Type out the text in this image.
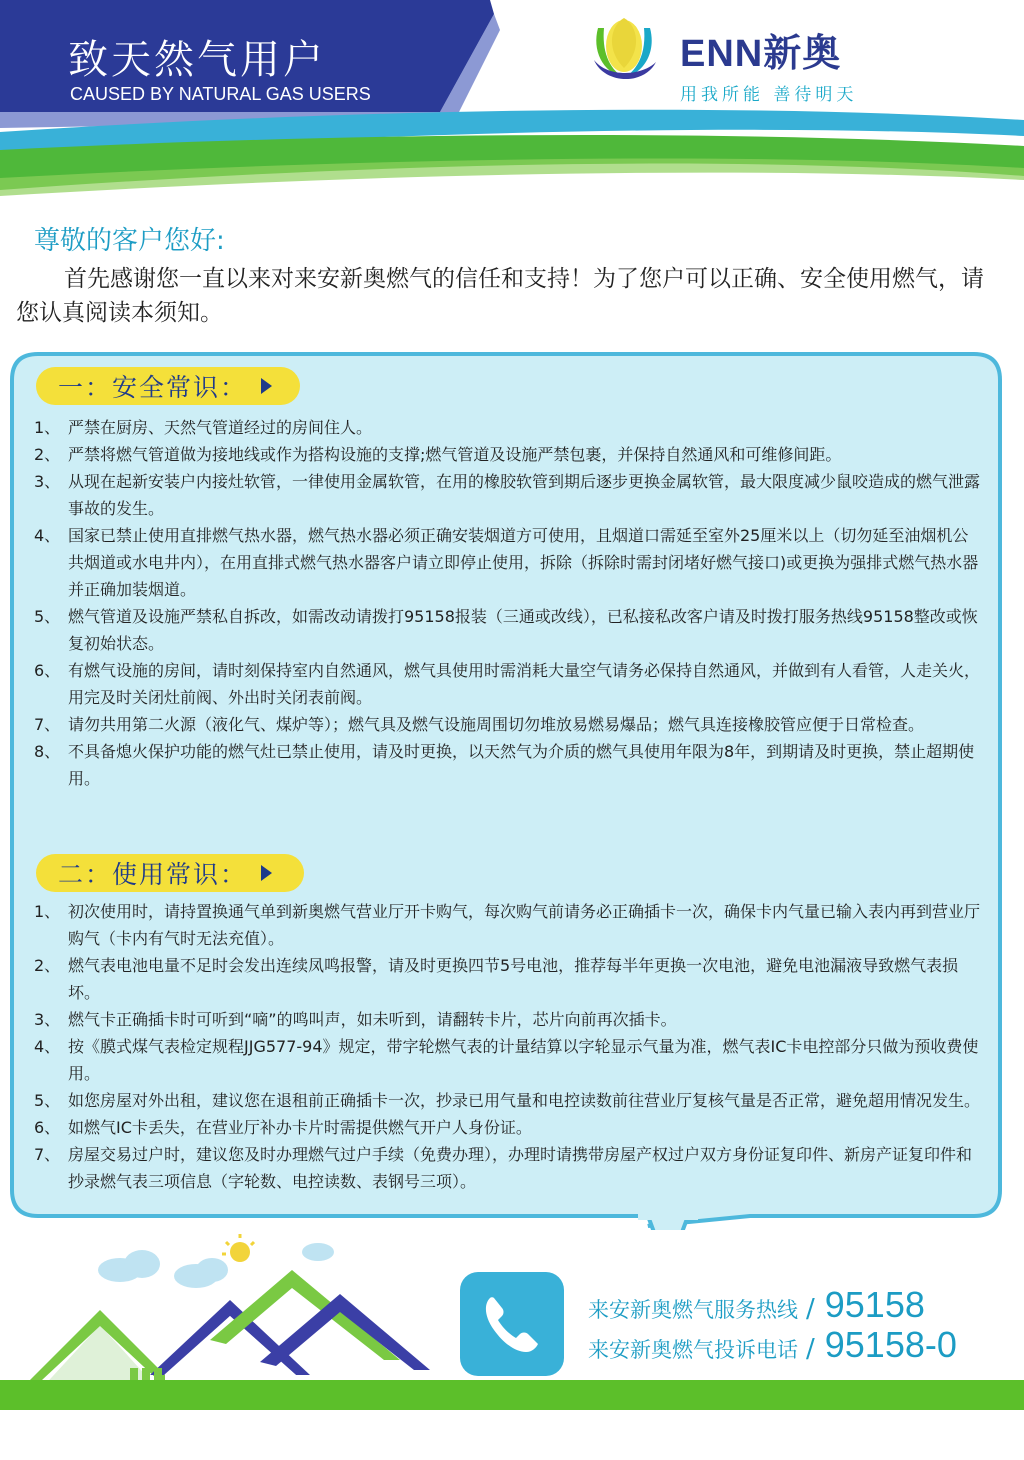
致天然气用户
CAUSED BY NATURAL GAS USERS
ENN新奥
用我所能 善待明天
尊敬的客户您好:
首先感谢您一直以来对来安新奥燃气的信任和支持！为了您户可以正确、安全使用燃气，请您认真阅读本须知。
一：安全常识：
1、 严禁在厨房、天然气管道经过的房间住人。
2、 严禁将燃气管道做为接地线或作为搭构设施的支撑;燃气管道及设施严禁包裹，并保持自然通风和可维修间距。
3、 从现在起新安装户内接灶软管，一律使用金属软管，在用的橡胶软管到期后逐步更换金属软管，最大限度减少鼠咬造成的燃气泄露事故的发生。
4、 国家已禁止使用直排燃气热水器，燃气热水器必须正确安装烟道方可使用，且烟道口需延至室外25厘米以上（切勿延至油烟机公共烟道或水电井内），在用直排式燃气热水器客户请立即停止使用，拆除（拆除时需封闭堵好燃气接口)或更换为强排式燃气热水器并正确加装烟道。
5、 燃气管道及设施严禁私自拆改，如需改动请拨打95158报装（三通或改线），已私接私改客户请及时拨打服务热线95158整改或恢复初始状态。
6、 有燃气设施的房间，请时刻保持室内自然通风，燃气具使用时需消耗大量空气请务必保持自然通风，并做到有人看管，人走关火，用完及时关闭灶前阀、外出时关闭表前阀。
7、 请勿共用第二火源（液化气、煤炉等）；燃气具及燃气设施周围切勿堆放易燃易爆品；燃气具连接橡胶管应便于日常检查。
8、 不具备熄火保护功能的燃气灶已禁止使用，请及时更换，以天然气为介质的燃气具使用年限为8年，到期请及时更换，禁止超期使用。
二：使用常识：
1、 初次使用时，请持置换通气单到新奥燃气营业厅开卡购气，每次购气前请务必正确插卡一次，确保卡内气量已输入表内再到营业厅购气（卡内有气时无法充值）。
2、 燃气表电池电量不足时会发出连续凤鸣报警，请及时更换四节5号电池，推荐每半年更换一次电池，避免电池漏液导致燃气表损坏。
3、 燃气卡正确插卡时可听到“嘀”的鸣叫声，如未听到，请翻转卡片，芯片向前再次插卡。
4、 按《膜式煤气表检定规程JJG577-94》规定，带字轮燃气表的计量结算以字轮显示气量为准，燃气表IC卡电控部分只做为预收费使用。
5、 如您房屋对外出租，建议您在退租前正确插卡一次，抄录已用气量和电控读数前往营业厅复核气量是否正常，避免超用情况发生。
6、 如燃气IC卡丢失，在营业厅补办卡片时需提供燃气开户人身份证。
7、 房屋交易过户时，建议您及时办理燃气过户手续（免费办理），办理时请携带房屋产权过户双方身份证复印件、新房产证复印件和抄录燃气表三项信息（字轮数、电控读数、表钢号三项）。
来安新奥燃气服务热线 / 95158
来安新奥燃气投诉电话 / 95158-0
